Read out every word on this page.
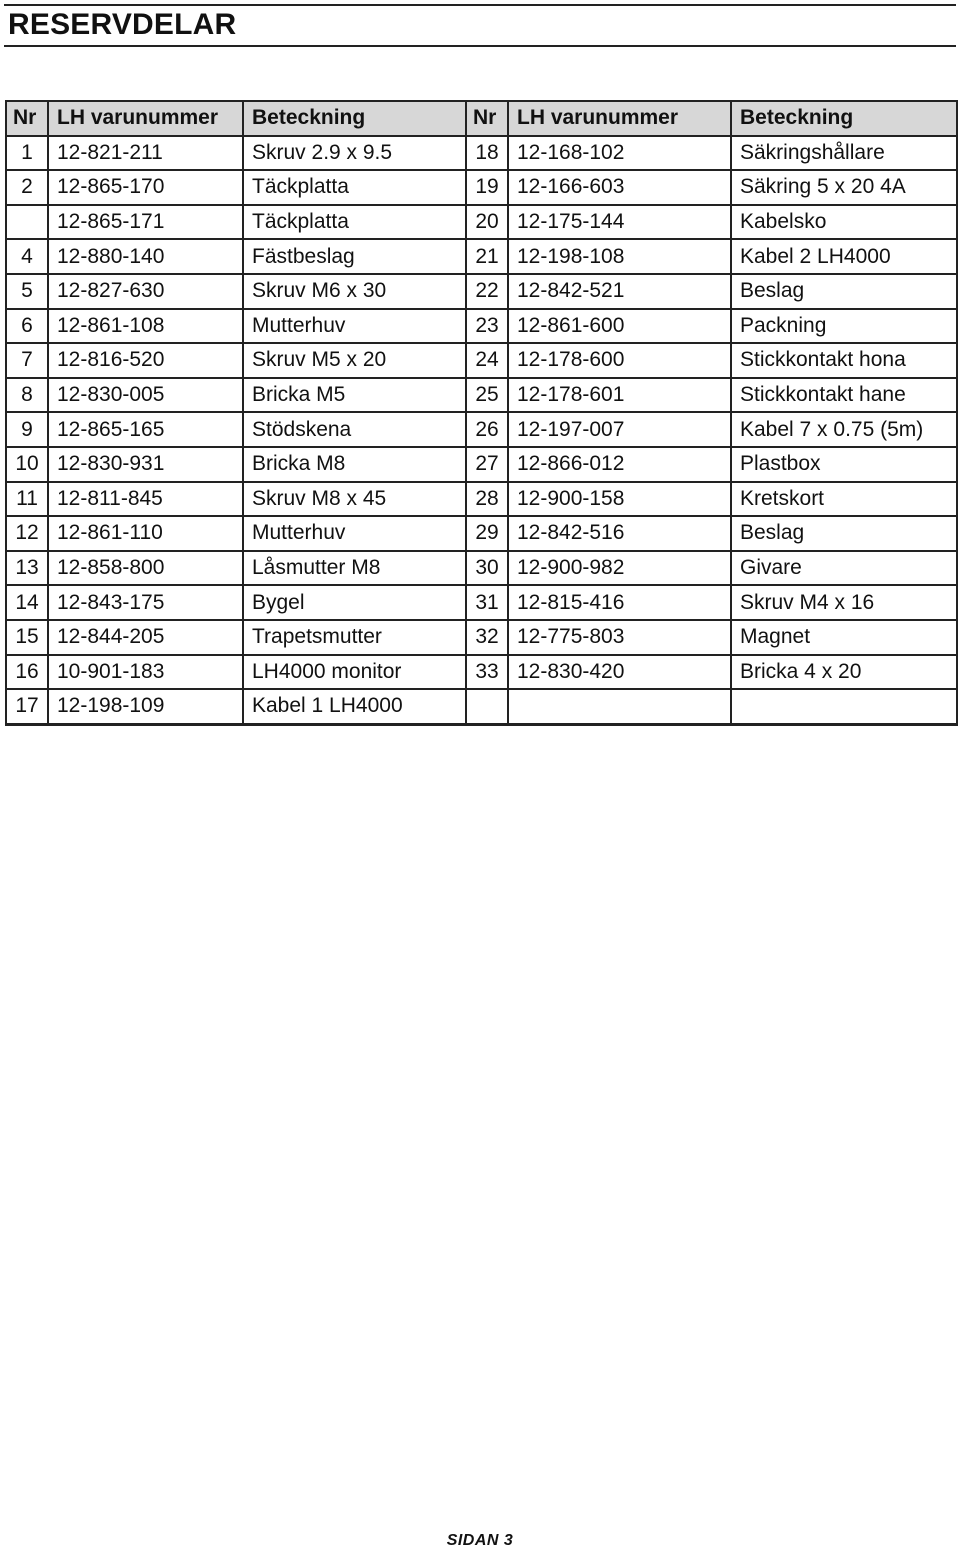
RESERVDELAR
Nr	LH varunummer	Beteckning	Nr	LH varunummer	Beteckning
1	12-821-211	Skruv 2.9 x 9.5	18	12-168-102	Säkringshållare
2	12-865-170	Täckplatta	19	12-166-603	Säkring 5 x 20 4A
	12-865-171	Täckplatta	20	12-175-144	Kabelsko
4	12-880-140	Fästbeslag	21	12-198-108	Kabel 2 LH4000
5	12-827-630	Skruv M6 x 30	22	12-842-521	Beslag
6	12-861-108	Mutterhuv	23	12-861-600	Packning
7	12-816-520	Skruv M5 x 20	24	12-178-600	Stickkontakt hona
8	12-830-005	Bricka M5	25	12-178-601	Stickkontakt hane
9	12-865-165	Stödskena	26	12-197-007	Kabel 7 x 0.75 (5m)
10	12-830-931	Bricka M8	27	12-866-012	Plastbox
11	12-811-845	Skruv M8 x 45	28	12-900-158	Kretskort
12	12-861-110	Mutterhuv	29	12-842-516	Beslag
13	12-858-800	Låsmutter M8	30	12-900-982	Givare
14	12-843-175	Bygel	31	12-815-416	Skruv M4 x 16
15	12-844-205	Trapetsmutter	32	12-775-803	Magnet
16	10-901-183	LH4000 monitor	33	12-830-420	Bricka 4 x 20
17	12-198-109	Kabel 1 LH4000			
SIDAN 3
